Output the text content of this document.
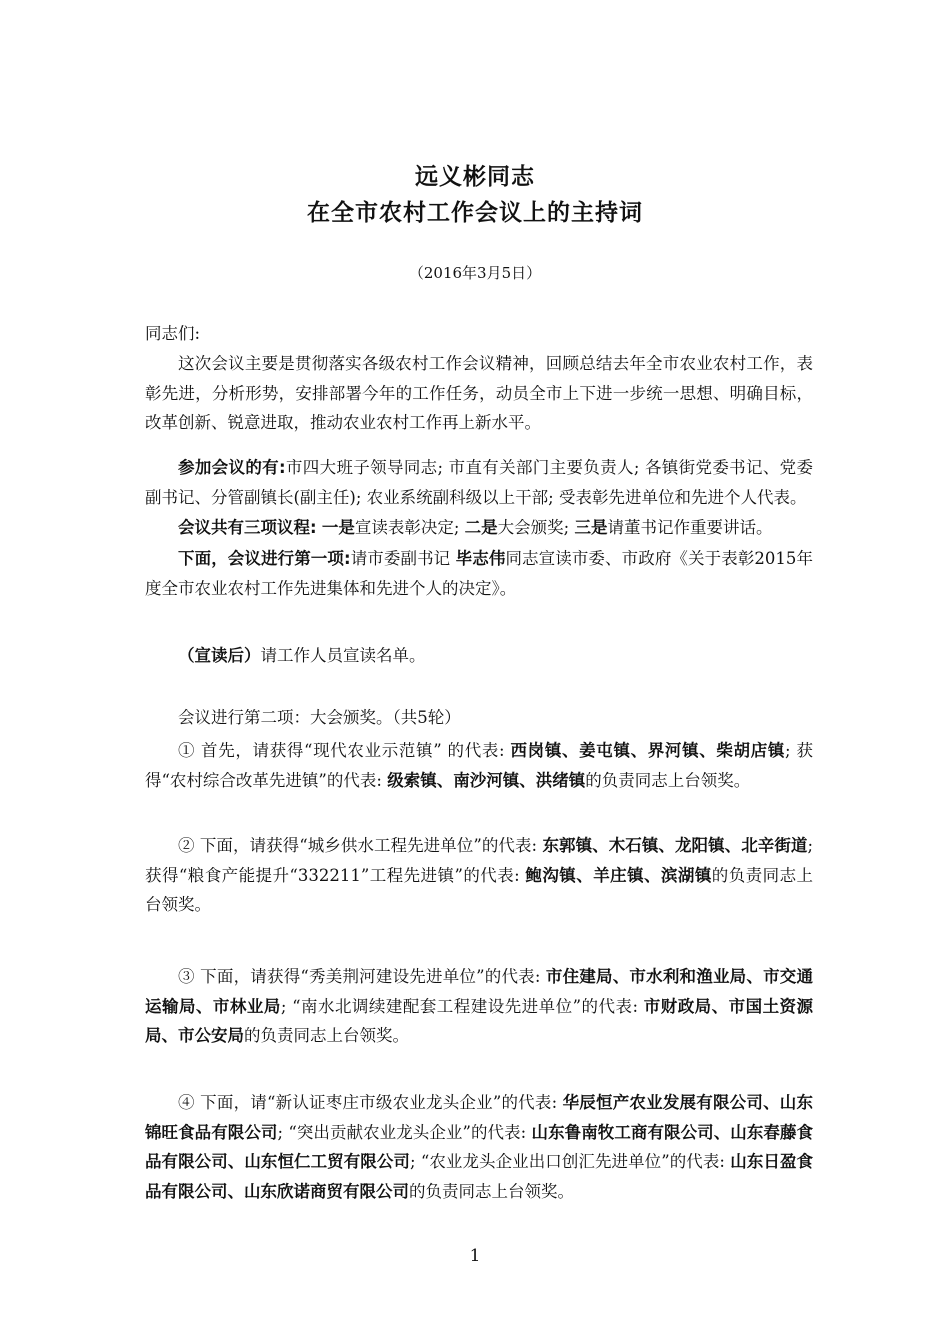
远义彬同志
在全市农村工作会议上的主持词
（2016年3月5日）
同志们:
这次会议主要是贯彻落实各级农村工作会议精神，回顾总结去年全市农业农村工作，表彰先进，分析形势，安排部署今年的工作任务，动员全市上下进一步统一思想、明确目标，改革创新、锐意进取，推动农业农村工作再上新水平。
参加会议的有:市四大班子领导同志; 市直有关部门主要负责人; 各镇街党委书记、党委副书记、分管副镇长(副主任); 农业系统副科级以上干部; 受表彰先进单位和先进个人代表。
会议共有三项议程: 一是宣读表彰决定; 二是大会颁奖; 三是请董书记作重要讲话。
下面，会议进行第一项:请市委副书记 毕志伟同志宣读市委、市政府《关于表彰2015年度全市农业农村工作先进集体和先进个人的决定》。
（宣读后）请工作人员宣读名单。
会议进行第二项：大会颁奖。（共5轮）
① 首先，请获得“现代农业示范镇” 的代表: 西岗镇、姜屯镇、界河镇、柴胡店镇; 获得“农村综合改革先进镇”的代表: 级索镇、南沙河镇、洪绪镇的负责同志上台领奖。
② 下面，请获得“城乡供水工程先进单位”的代表: 东郭镇、木石镇、龙阳镇、北辛街道; 获得“粮食产能提升“332211”工程先进镇”的代表: 鲍沟镇、羊庄镇、滨湖镇的负责同志上台领奖。
③ 下面，请获得“秀美荆河建设先进单位”的代表: 市住建局、市水利和渔业局、市交通运输局、市林业局; “南水北调续建配套工程建设先进单位”的代表: 市财政局、市国土资源局、市公安局的负责同志上台领奖。
④ 下面，请“新认证枣庄市级农业龙头企业”的代表: 华辰恒产农业发展有限公司、山东锦旺食品有限公司; “突出贡献农业龙头企业”的代表: 山东鲁南牧工商有限公司、山东春藤食品有限公司、山东恒仁工贸有限公司; “农业龙头企业出口创汇先进单位”的代表: 山东日盈食品有限公司、山东欣诺商贸有限公司的负责同志上台领奖。
1
